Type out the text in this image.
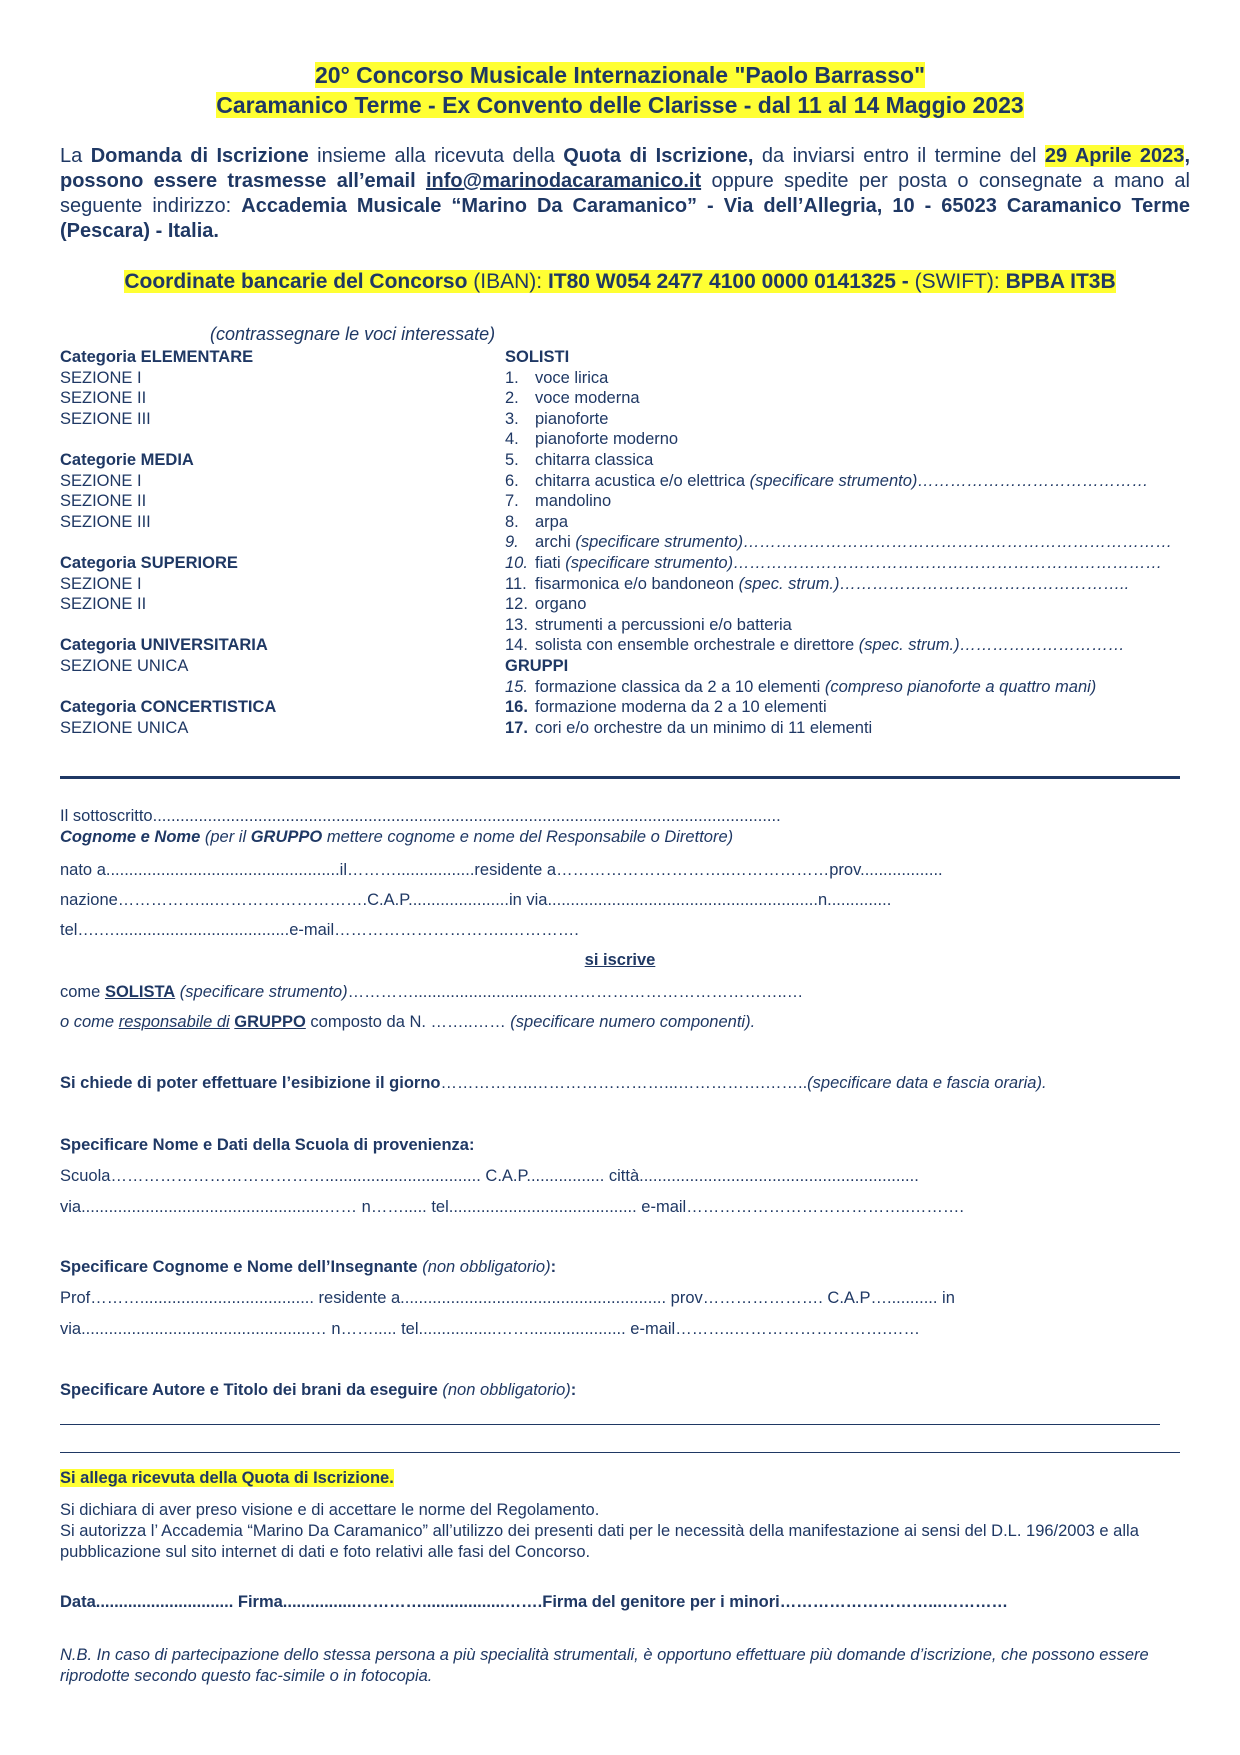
20° Concorso Musicale Internazionale "Paolo Barrasso"
Caramanico Terme - Ex Convento delle Clarisse - dal 11 al 14 Maggio 2023
La Domanda di Iscrizione insieme alla ricevuta della Quota di Iscrizione, da inviarsi entro il termine del 29 Aprile 2023, possono essere trasmesse all’email info@marinodacaramanico.it oppure spedite per posta o consegnate a mano al seguente indirizzo: Accademia Musicale “Marino Da Caramanico” - Via dell’Allegria, 10 - 65023 Caramanico Terme (Pescara) - Italia.
Coordinate bancarie del Concorso (IBAN): IT80 W054 2477 4100 0000 0141325 - (SWIFT): BPBA IT3B
(contrassegnare le voci interessate)
Categoria ELEMENTARE
SEZIONE I
SEZIONE II
SEZIONE III
Categorie MEDIA
SEZIONE I
SEZIONE II
SEZIONE III
Categoria SUPERIORE
SEZIONE I
SEZIONE II
Categoria UNIVERSITARIA
SEZIONE UNICA
Categoria CONCERTISTICA
SEZIONE UNICA
SOLISTI
1. voce lirica
2. voce moderna
3. pianoforte
4. pianoforte moderno
5. chitarra classica
6. chitarra acustica e/o elettrica (specificare strumento)……………………………………
7. mandolino
8. arpa
9. archi (specificare strumento)……………………………………………………………………
10. fiati (specificare strumento)……………………………………………………………………
11. fisarmonica e/o bandoneon (spec. strum.)……………………………………………..
12. organo
13. strumenti a percussioni e/o batteria
14. solista con ensemble orchestrale e direttore (spec. strum.)…………………………
GRUPPI
15. formazione classica da 2 a 10 elementi (compreso pianoforte a quattro mani)
16. formazione moderna da 2 a 10 elementi
17. cori e/o orchestre da un minimo di 11 elementi
Il sottoscritto.........................................................................................................................................
Cognome e Nome (per il GRUPPO mettere cognome e nome del Responsabile o Direttore)
nato a...................................................il……….................residente a…………………………..………………prov..................
nazione……………...……………………….C.A.P......................in via...........................................................n..............
tel….…......................................e-mail…………………………..………….
si iscrive
come SOLISTA (specificare strumento)………….............................……………………………………..…
o come responsabile di GRUPPO composto da N. ……..…… (specificare numero componenti).
Si chiede di poter effettuare l’esibizione il giorno……………..……………………...…………….……..(specificare data e fascia oraria).
Specificare Nome e Dati della Scuola di provenienza:
Scuola………………………………….................................. C.A.P................. città.............................................................
via.....................................................…… n……..... tel......................................... e-mail…………………………………..……….
Specificare Cognome e Nome dell’Insegnante (non obbligatorio):
Prof………...................................... residente a.......................................................... prov…………………. C.A.P…........... in
via..................................................… n……..... tel.................……..................... e-mail………..……………………….……
Specificare Autore e Titolo dei brani da eseguire (non obbligatorio):
Si allega ricevuta della Quota di Iscrizione.
Si dichiara di aver preso visione e di accettare le norme del Regolamento.
Si autorizza l’ Accademia “Marino Da Caramanico” all’utilizzo dei presenti dati per le necessità della manifestazione ai sensi del D.L. 196/2003 e alla pubblicazione sul sito internet di dati e foto relativi alle fasi del Concorso.
Data.............................. Firma................…………..................…….Firma del genitore per i minori………………………...…………
N.B. In caso di partecipazione dello stessa persona a più specialità strumentali, è opportuno effettuare più domande d’iscrizione, che possono essere riprodotte secondo questo fac-simile o in fotocopia.
